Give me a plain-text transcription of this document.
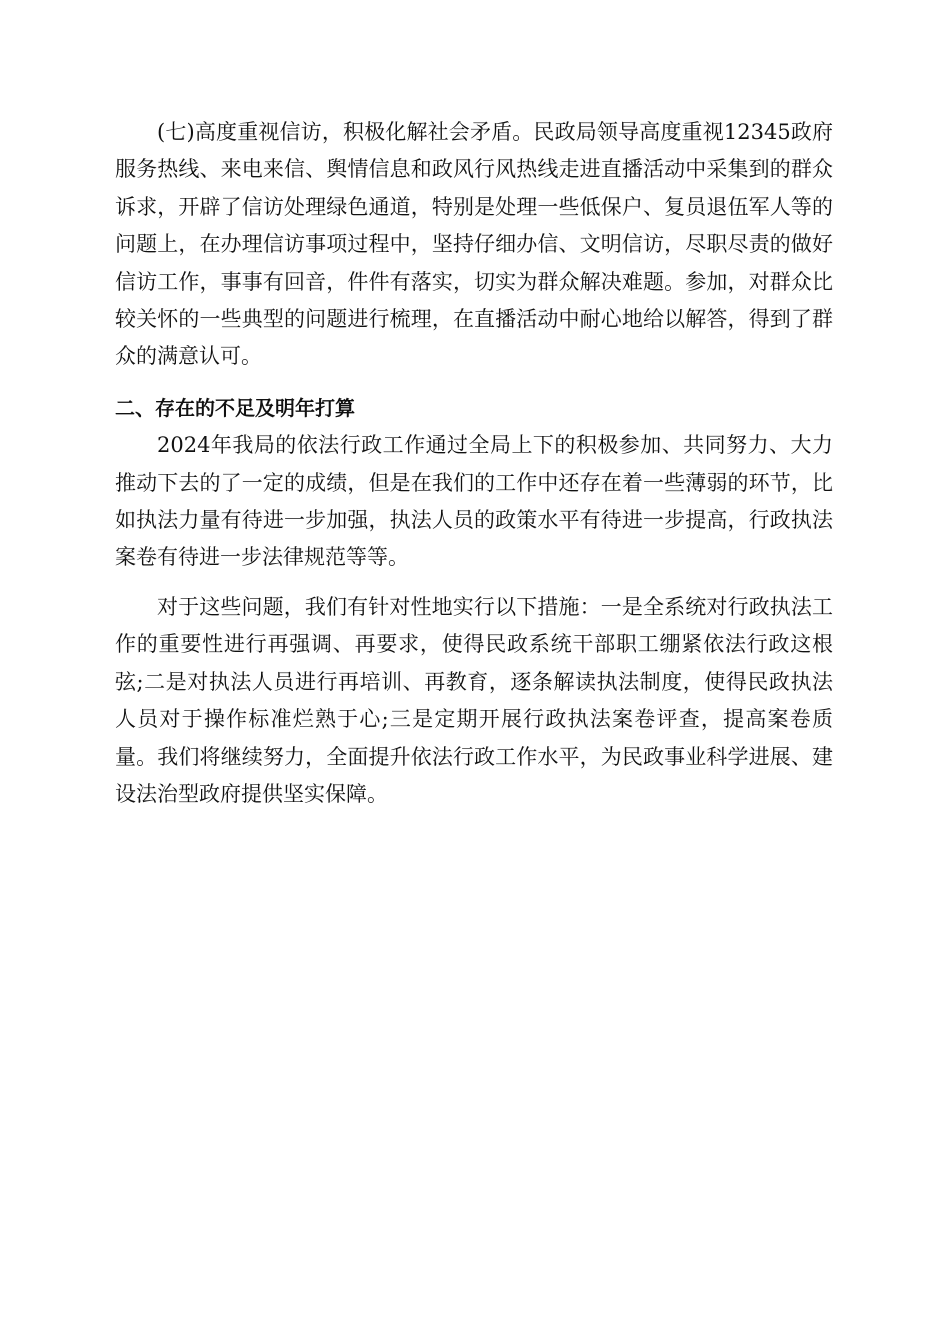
(七)高度重视信访，积极化解社会矛盾。民政局领导高度重视12345政府服务热线、来电来信、舆情信息和政风行风热线走进直播活动中采集到的群众诉求，开辟了信访处理绿色通道，特别是处理一些低保户、复员退伍军人等的问题上，在办理信访事项过程中，坚持仔细办信、文明信访，尽职尽责的做好信访工作，事事有回音，件件有落实，切实为群众解决难题。参加，对群众比较关怀的一些典型的问题进行梳理，在直播活动中耐心地给以解答，得到了群众的满意认可。

二、存在的不足及明年打算

2024年我局的依法行政工作通过全局上下的积极参加、共同努力、大力推动下去的了一定的成绩，但是在我们的工作中还存在着一些薄弱的环节，比如执法力量有待进一步加强，执法人员的政策水平有待进一步提高，行政执法案卷有待进一步法律规范等等。

对于这些问题，我们有针对性地实行以下措施：一是全系统对行政执法工作的重要性进行再强调、再要求，使得民政系统干部职工绷紧依法行政这根弦;二是对执法人员进行再培训、再教育，逐条解读执法制度，使得民政执法人员对于操作标准烂熟于心;三是定期开展行政执法案卷评查，提高案卷质量。我们将继续努力，全面提升依法行政工作水平，为民政事业科学进展、建设法治型政府提供坚实保障。
